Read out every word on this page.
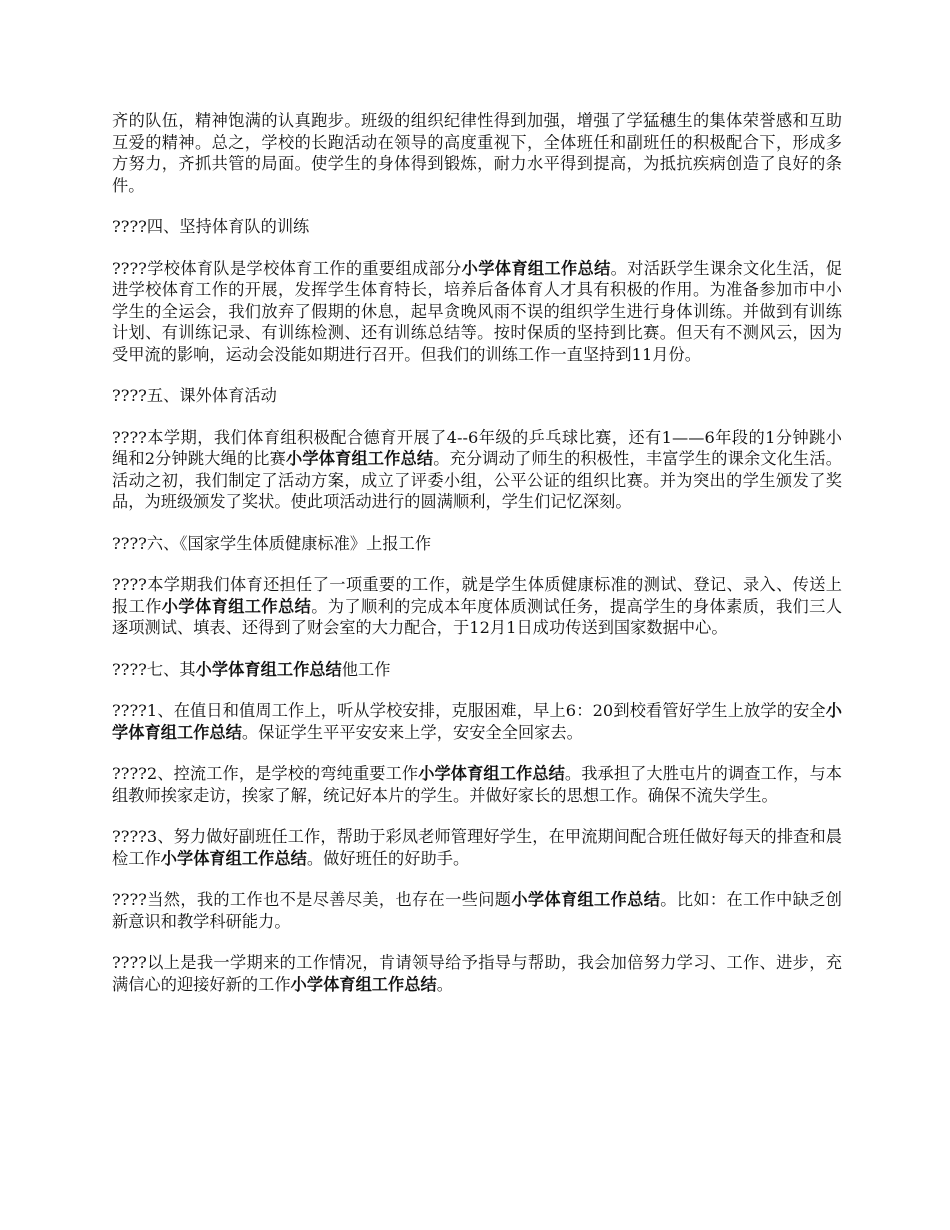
齐的队伍，精神饱满的认真跑步。班级的组织纪律性得到加强，增强了学猛穗生的集体荣誉感和互助互爱的精神。总之，学校的长跑活动在领导的高度重视下，全体班任和副班任的积极配合下，形成多方努力，齐抓共管的局面。使学生的身体得到锻炼，耐力水平得到提高，为抵抗疾病创造了良好的条件。

????四、坚持体育队的训练

????学校体育队是学校体育工作的重要组成部分小学体育组工作总结。对活跃学生课余文化生活，促进学校体育工作的开展，发挥学生体育特长，培养后备体育人才具有积极的作用。为准备参加市中小学生的全运会，我们放弃了假期的休息，起早贪晚风雨不误的组织学生进行身体训练。并做到有训练计划、有训练记录、有训练检测、还有训练总结等。按时保质的坚持到比赛。但天有不测风云，因为受甲流的影响，运动会没能如期进行召开。但我们的训练工作一直坚持到11月份。

????五、课外体育活动

????本学期，我们体育组积极配合德育开展了4--6年级的乒乓球比赛，还有1——6年段的1分钟跳小绳和2分钟跳大绳的比赛小学体育组工作总结。充分调动了师生的积极性，丰富学生的课余文化生活。活动之初，我们制定了活动方案，成立了评委小组，公平公证的组织比赛。并为突出的学生颁发了奖品，为班级颁发了奖状。使此项活动进行的圆满顺利，学生们记忆深刻。

????六、《国家学生体质健康标准》上报工作

????本学期我们体育还担任了一项重要的工作，就是学生体质健康标准的测试、登记、录入、传送上报工作小学体育组工作总结。为了顺利的完成本年度体质测试任务，提高学生的身体素质，我们三人逐项测试、填表、还得到了财会室的大力配合，于12月1日成功传送到国家数据中心。

????七、其小学体育组工作总结他工作

????1、在值日和值周工作上，听从学校安排，克服困难，早上6：20到校看管好学生上放学的安全小学体育组工作总结。保证学生平平安安来上学，安安全全回家去。

????2、控流工作，是学校的弯纯重要工作小学体育组工作总结。我承担了大胜屯片的调查工作，与本组教师挨家走访，挨家了解，统记好本片的学生。并做好家长的思想工作。确保不流失学生。

????3、努力做好副班任工作，帮助于彩凤老师管理好学生，在甲流期间配合班任做好每天的排查和晨检工作小学体育组工作总结。做好班任的好助手。

????当然，我的工作也不是尽善尽美，也存在一些问题小学体育组工作总结。比如：在工作中缺乏创新意识和教学科研能力。

????以上是我一学期来的工作情况，肯请领导给予指导与帮助，我会加倍努力学习、工作、进步，充满信心的迎接好新的工作小学体育组工作总结。
